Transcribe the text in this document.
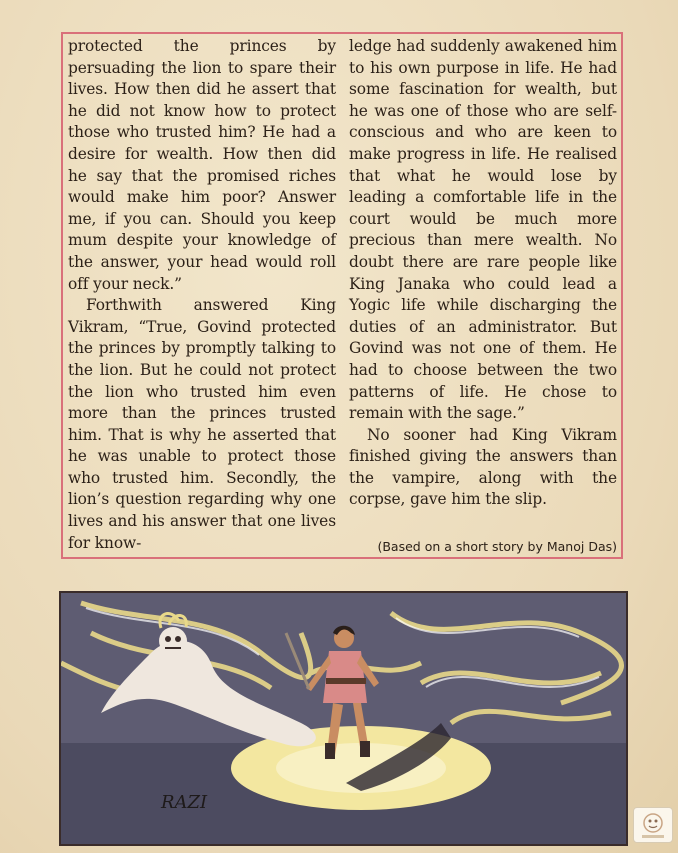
protected the princes by persuading the lion to spare their lives. How then did he assert that he did not know how to protect those who trusted him? He had a desire for wealth. How then did he say that the promised riches would make him poor? Answer me, if you can. Should you keep mum despite your knowledge of the answer, your head would roll off your neck.”

Forthwith answered King Vikram, “True, Govind protected the princes by promptly talking to the lion. But he could not protect the lion who trusted him even more than the princes trusted him. That is why he asserted that he was unable to protect those who trusted him. Secondly, the lion’s question regarding why one lives and his answer that one lives for know-

ledge had suddenly awakened him to his own purpose in life. He had some fascination for wealth, but he was one of those who are self-conscious and who are keen to make progress in life. He realised that what he would lose by leading a comfortable life in the court would be much more precious than mere wealth. No doubt there are rare people like King Janaka who could lead a Yogic life while discharging the duties of an administrator. But Govind was not one of them. He had to choose between the two patterns of life. He chose to remain with the sage.”

No sooner had King Vikram finished giving the answers than the vampire, along with the corpse, gave him the slip.

(Based on a short story by Manoj Das)
RAZI
